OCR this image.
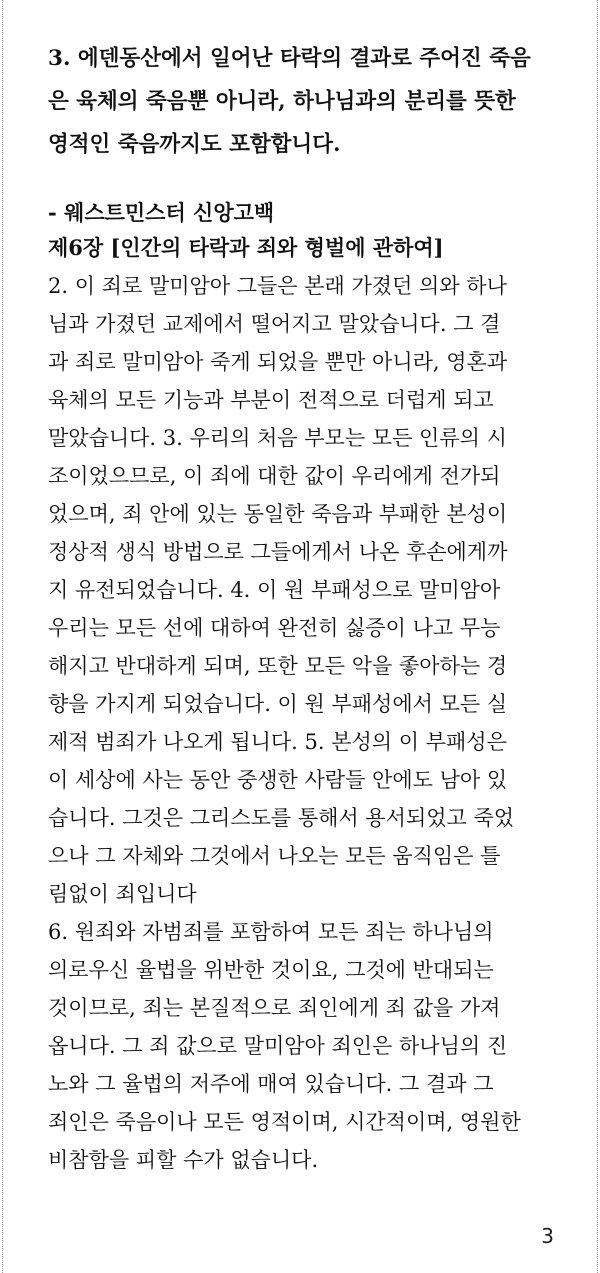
3. 에덴동산에서 일어난 타락의 결과로 주어진 죽음
은 육체의 죽음뿐 아니라, 하나님과의 분리를 뜻한
영적인 죽음까지도 포함합니다.
- 웨스트민스터 신앙고백
제6장 [인간의 타락과 죄와 형벌에 관하여]
2. 이 죄로 말미암아 그들은 본래 가졌던 의와 하나
님과 가졌던 교제에서 떨어지고 말았습니다. 그 결
과 죄로 말미암아 죽게 되었을 뿐만 아니라, 영혼과
육체의 모든 기능과 부분이 전적으로 더럽게 되고
말았습니다. 3. 우리의 처음 부모는 모든 인류의 시
조이었으므로, 이 죄에 대한 값이 우리에게 전가되
었으며, 죄 안에 있는 동일한 죽음과 부패한 본성이
정상적 생식 방법으로 그들에게서 나온 후손에게까
지 유전되었습니다. 4. 이 원 부패성으로 말미암아
우리는 모든 선에 대하여 완전히 싫증이 나고 무능
해지고 반대하게 되며, 또한 모든 악을 좋아하는 경
향을 가지게 되었습니다. 이 원 부패성에서 모든 실
제적 범죄가 나오게 됩니다. 5. 본성의 이 부패성은
이 세상에 사는 동안 중생한 사람들 안에도 남아 있
습니다. 그것은 그리스도를 통해서 용서되었고 죽었
으나 그 자체와 그것에서 나오는 모든 움직임은 틀
림없이 죄입니다
6. 원죄와 자범죄를 포함하여 모든 죄는 하나님의
의로우신 율법을 위반한 것이요, 그것에 반대되는
것이므로, 죄는 본질적으로 죄인에게 죄 값을 가져
옵니다. 그 죄 값으로 말미암아 죄인은 하나님의 진
노와 그 율법의 저주에 매여 있습니다. 그 결과 그
죄인은 죽음이나 모든 영적이며, 시간적이며, 영원한
비참함을 피할 수가 없습니다.
3
